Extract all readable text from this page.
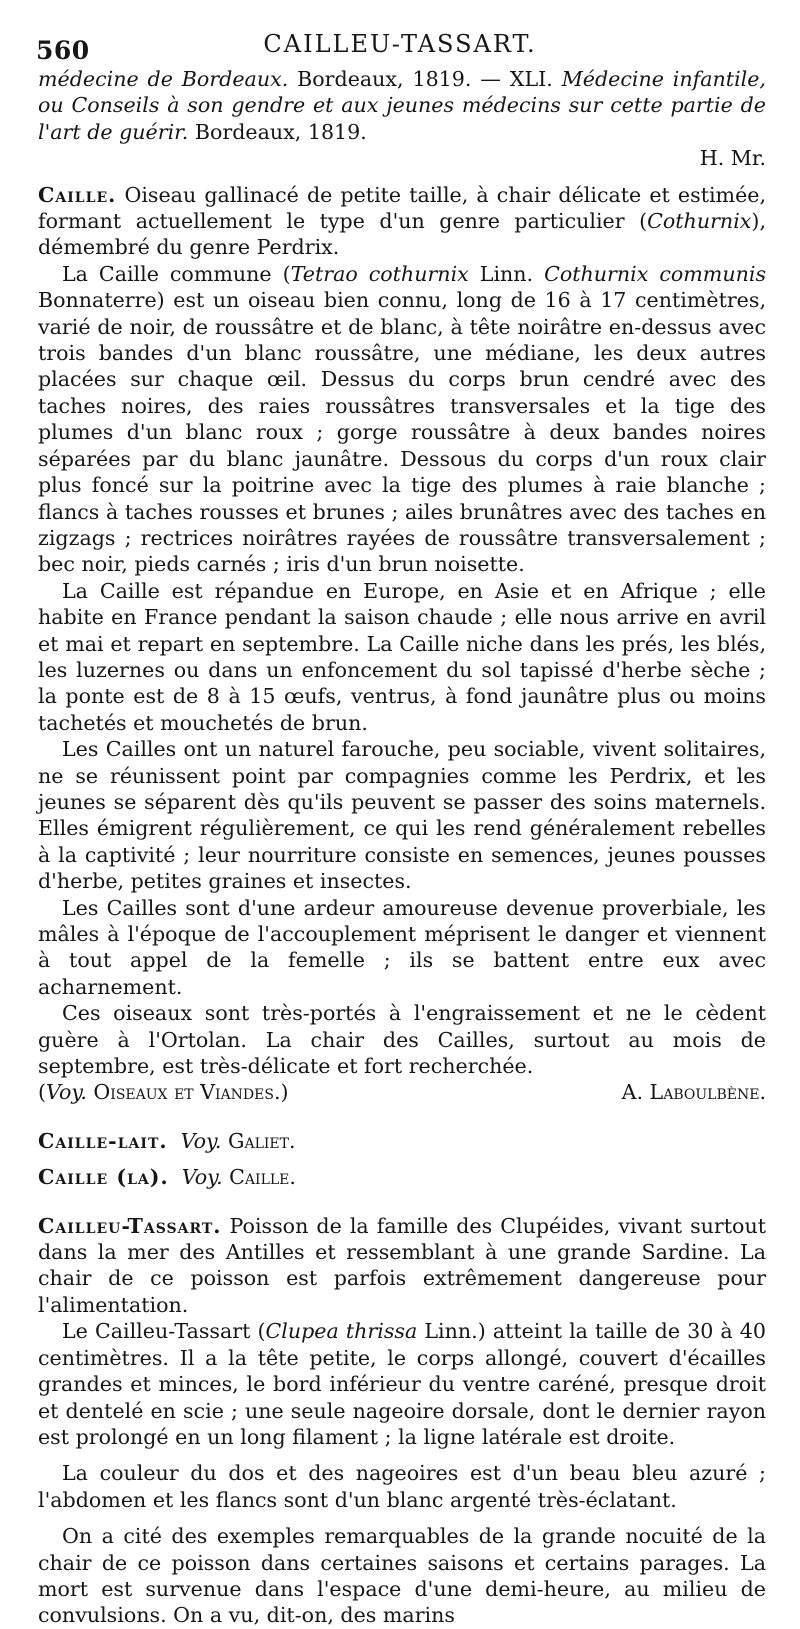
560	CAILLEU-TASSART.

médecine de Bordeaux. Bordeaux, 1819. — XLI. Médecine infantile, ou Conseils à son gendre et aux jeunes médecins sur cette partie de l'art de guérir. Bordeaux, 1819.

H. Mr.

Caille. Oiseau gallinacé de petite taille, à chair délicate et estimée, formant actuellement le type d'un genre particulier (Cothurnix), démembré du genre Perdrix.

La Caille commune (Tetrao cothurnix Linn. Cothurnix communis Bonnaterre) est un oiseau bien connu, long de 16 à 17 centimètres, varié de noir, de roussâtre et de blanc, à tête noirâtre en-dessus avec trois bandes d'un blanc roussâtre, une médiane, les deux autres placées sur chaque œil. Dessus du corps brun cendré avec des taches noires, des raies roussâtres transversales et la tige des plumes d'un blanc roux ; gorge roussâtre à deux bandes noires séparées par du blanc jaunâtre. Dessous du corps d'un roux clair plus foncé sur la poitrine avec la tige des plumes à raie blanche ; flancs à taches rousses et brunes ; ailes brunâtres avec des taches en zigzags ; rectrices noirâtres rayées de roussâtre transversalement ; bec noir, pieds carnés ; iris d'un brun noisette.

La Caille est répandue en Europe, en Asie et en Afrique ; elle habite en France pendant la saison chaude ; elle nous arrive en avril et mai et repart en septembre. La Caille niche dans les prés, les blés, les luzernes ou dans un enfoncement du sol tapissé d'herbe sèche ; la ponte est de 8 à 15 œufs, ventrus, à fond jaunâtre plus ou moins tachetés et mouchetés de brun.

Les Cailles ont un naturel farouche, peu sociable, vivent solitaires, ne se réunissent point par compagnies comme les Perdrix, et les jeunes se séparent dès qu'ils peuvent se passer des soins maternels. Elles émigrent régulièrement, ce qui les rend généralement rebelles à la captivité ; leur nourriture consiste en semences, jeunes pousses d'herbe, petites graines et insectes.

Les Cailles sont d'une ardeur amoureuse devenue proverbiale, les mâles à l'époque de l'accouplement méprisent le danger et viennent à tout appel de la femelle ; ils se battent entre eux avec acharnement.

Ces oiseaux sont très-portés à l'engraissement et ne le cèdent guère à l'Ortolan. La chair des Cailles, surtout au mois de septembre, est très-délicate et fort recherchée.

(Voy. Oiseaux et Viandes.)	A. Laboulbène.

Caille-lait. Voy. Galiet.

Caille (la). Voy. Caille.

Cailleu-Tassart. Poisson de la famille des Clupéides, vivant surtout dans la mer des Antilles et ressemblant à une grande Sardine. La chair de ce poisson est parfois extrêmement dangereuse pour l'alimentation.

Le Cailleu-Tassart (Clupea thrissa Linn.) atteint la taille de 30 à 40 centimètres. Il a la tête petite, le corps allongé, couvert d'écailles grandes et minces, le bord inférieur du ventre caréné, presque droit et dentelé en scie ; une seule nageoire dorsale, dont le dernier rayon est prolongé en un long filament ; la ligne latérale est droite.

La couleur du dos et des nageoires est d'un beau bleu azuré ; l'abdomen et les flancs sont d'un blanc argenté très-éclatant.

On a cité des exemples remarquables de la grande nocuité de la chair de ce poisson dans certaines saisons et certains parages. La mort est survenue dans l'espace d'une demi-heure, au milieu de convulsions. On a vu, dit-on, des marins
